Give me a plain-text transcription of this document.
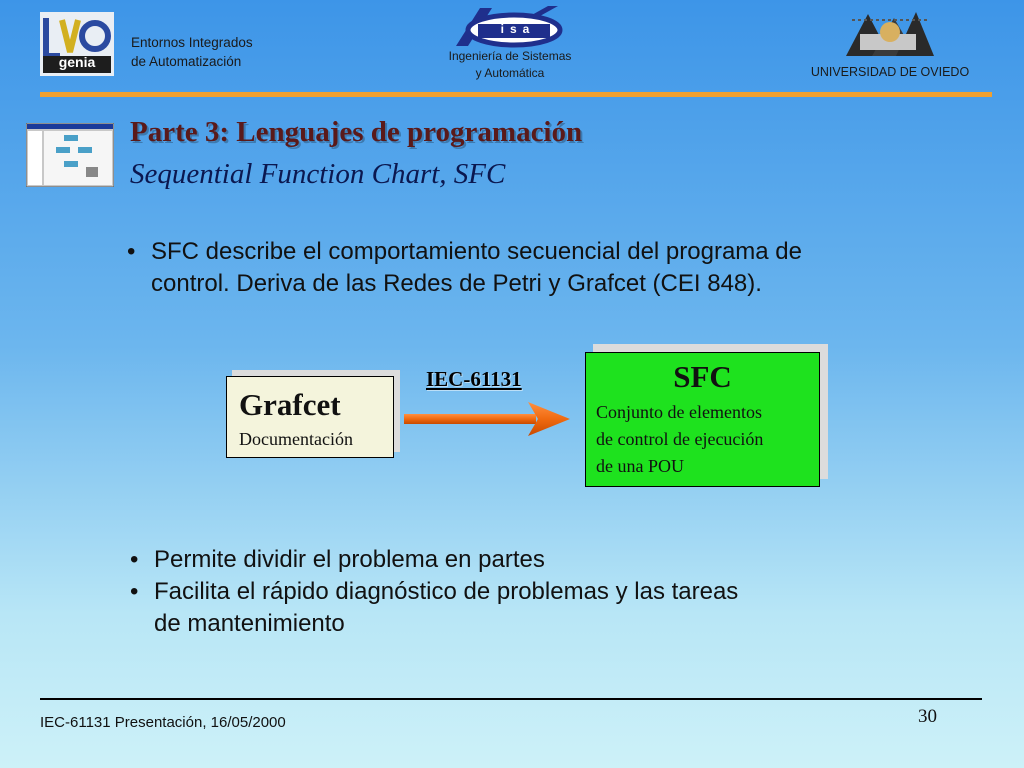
genia
Entornos Integrados
de Automatización
isa
Ingeniería de Sistemas
y Automática	UNIVERSIDAD DE OVIEDO
Parte 3: Lenguajes de programación
Sequential Function Chart, SFC
• SFC describe el comportamiento secuencial del programa de
control. Deriva de las Redes de Petri y Grafcet (CEI 848).
Grafcet
Documentación
IEC-61131	SFC
Conjunto de elementos
de control de ejecución
de una POU
• Permite dividir el problema en partes
• Facilita el rápido diagnóstico de problemas y las tareas
de mantenimiento
IEC-61131 Presentación, 16/05/2000	30
